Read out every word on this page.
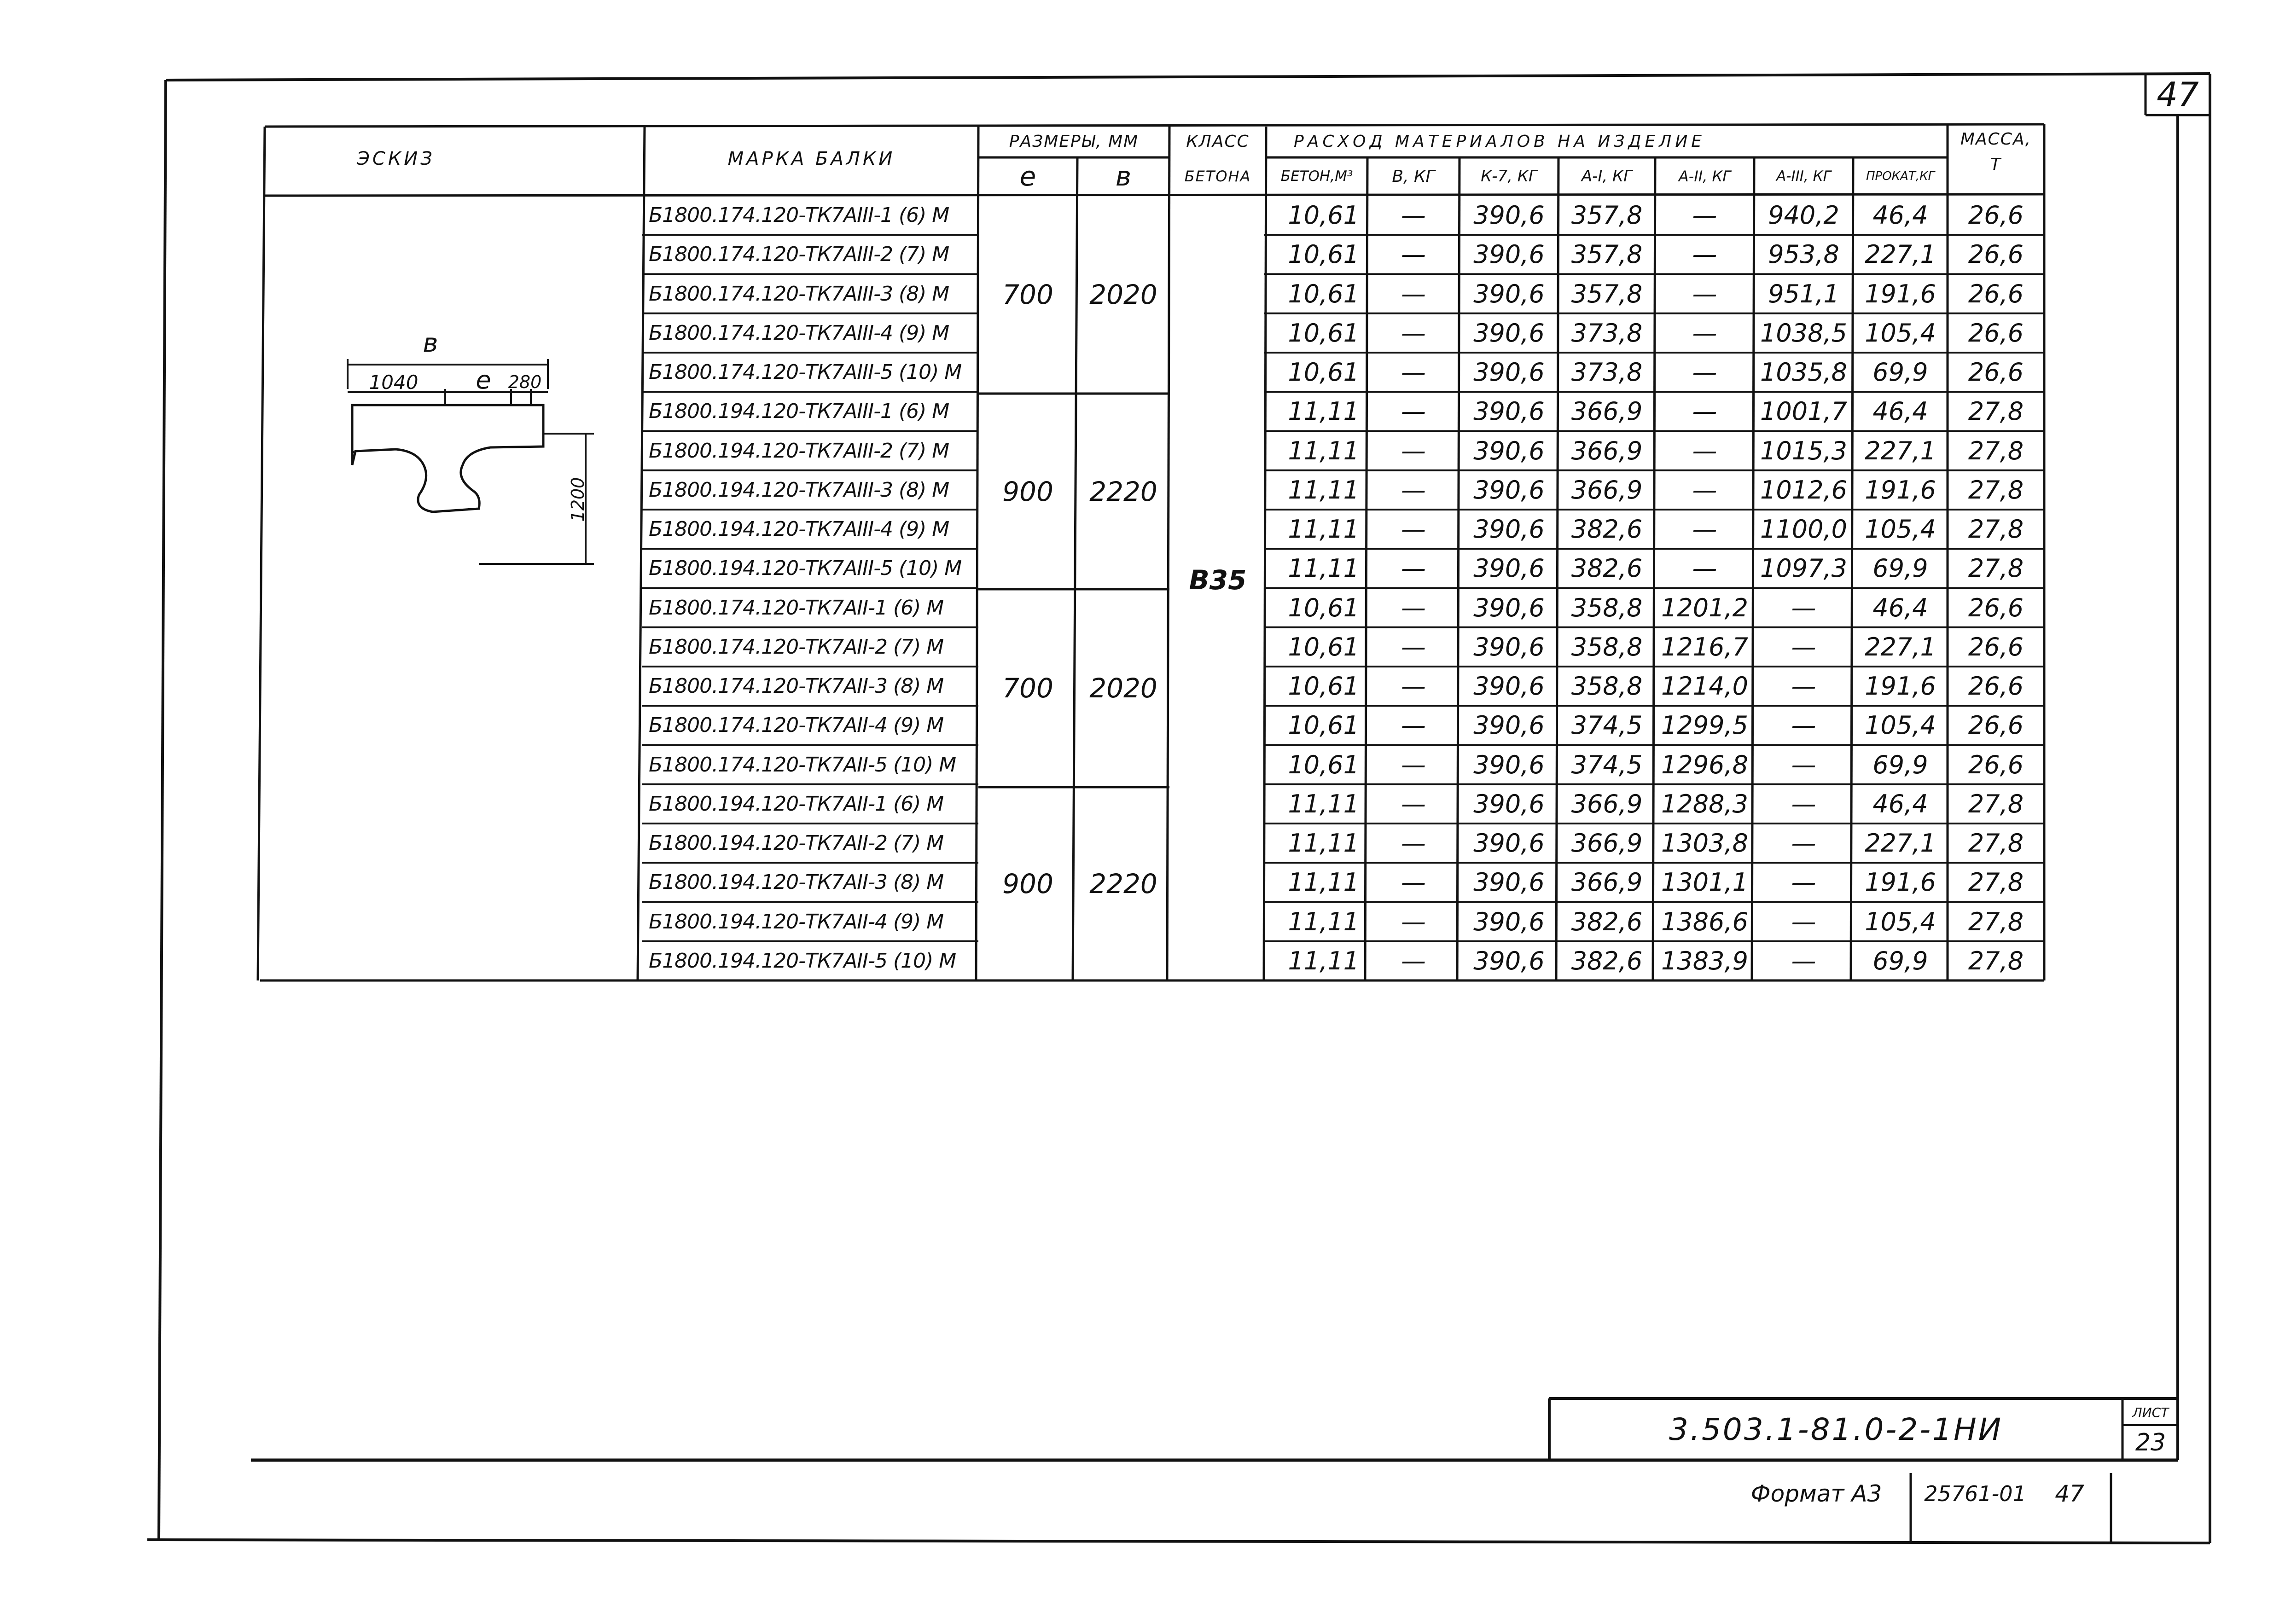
ЭСКИЗ	МАРКА БАЛКИ
РАЗМЕРЫ, ММ
e	в
КЛАСС
БЕТОНА
РАСХОД МАТЕРИАЛОВ НА ИЗДЕЛИЕ
БЕТОН,М³	В, КГ	К-7, КГ	А-I, КГ	А-II, КГ	А-III, КГ	ПРОКАТ,КГ
МАССА,
Т
700	2020
900	2220
700	2020
900	2220
В35
Б1800.174.120-ТК7АIII-1 (6) М	10,61	—	390,6	357,8	—	940,2	46,4	26,6
Б1800.174.120-ТК7АIII-2 (7) М	10,61	—	390,6	357,8	—	953,8	227,1	26,6
Б1800.174.120-ТК7АIII-3 (8) М	10,61	—	390,6	357,8	—	951,1	191,6	26,6
Б1800.174.120-ТК7АIII-4 (9) М	10,61	—	390,6	373,8	—	1038,5 105,4	26,6
Б1800.174.120-ТК7АIII-5 (10) М	10,61	—	390,6	373,8	—	1035,8	69,9	26,6
Б1800.194.120-ТК7АIII-1 (6) М	11,11	—	390,6	366,9	—	1001,7	46,4	27,8
Б1800.194.120-ТК7АIII-2 (7) М	11,11	—	390,6	366,9	—	1015,3 227,1	27,8
Б1800.194.120-ТК7АIII-3 (8) М	11,11	—	390,6	366,9	—	1012,6 191,6	27,8
Б1800.194.120-ТК7АIII-4 (9) М	11,11	—	390,6	382,6	—	1100,0 105,4	27,8
Б1800.194.120-ТК7АIII-5 (10) М	11,11	—	390,6	382,6	—	1097,3	69,9	27,8
Б1800.174.120-ТК7АII-1 (6) М	10,61	—	390,6	358,8 1201,2	—	46,4	26,6
Б1800.174.120-ТК7АII-2 (7) М	10,61	—	390,6	358,8 1216,7	—	227,1	26,6
Б1800.174.120-ТК7АII-3 (8) М	10,61	—	390,6	358,8 1214,0	—	191,6	26,6
Б1800.174.120-ТК7АII-4 (9) М	10,61	—	390,6	374,5 1299,5	—	105,4	26,6
Б1800.174.120-ТК7АII-5 (10) М	10,61	—	390,6	374,5 1296,8	—	69,9	26,6
Б1800.194.120-ТК7АII-1 (6) М	11,11	—	390,6	366,9 1288,3	—	46,4	27,8
Б1800.194.120-ТК7АII-2 (7) М	11,11	—	390,6	366,9 1303,8	—	227,1	27,8
Б1800.194.120-ТК7АII-3 (8) М	11,11	—	390,6	366,9 1301,1	—	191,6	27,8
Б1800.194.120-ТК7АII-4 (9) М	11,11	—	390,6	382,6 1386,6	—	105,4	27,8
Б1800.194.120-ТК7АII-5 (10) М	11,11	—	390,6	382,6 1383,9	—	69,9	27,8
в
1040	e 280
1200
47
3.503.1-81.0-2-1НИ	ЛИСТ
23
Формат А3	25761-01	47
